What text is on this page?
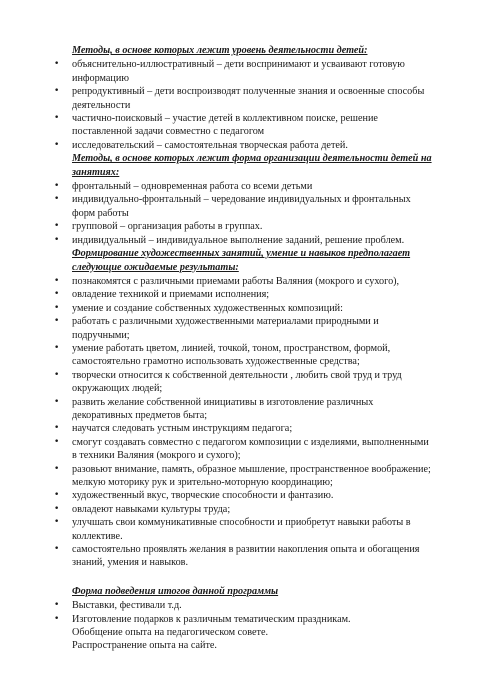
Методы, в основе которых лежит уровень деятельности детей:
• объяснительно-иллюстративный – дети воспринимают и усваивают готовую информацию
• репродуктивный – дети воспроизводят полученные знания и освоенные способы деятельности
• частично-поисковый – участие детей в коллективном поиске, решение поставленной задачи совместно с педагогом
• исследовательский – самостоятельная творческая работа детей.
Методы, в основе которых лежит форма организации деятельности детей на занятиях:
• фронтальный – одновременная работа со всеми детьми
• индивидуально-фронтальный – чередование индивидуальных и фронтальных форм работы
• групповой – организация работы в группах.
• индивидуальный – индивидуальное выполнение заданий, решение проблем.
Формирование художественных занятий, умение и навыков предполагает следующие ожидаемые результаты:
• познакомятся с различными приемами работы Валяния (мокрого и сухого),
• овладение техникой и приемами исполнения;
• умение и создание собственных художественных композиций:
• работать с различными художественными материалами природными и подручными;
• умение работать цветом, линией, точкой, тоном, пространством, формой, самостоятельно грамотно использовать художественные средства;
• творчески относится к собственной деятельности , любить свой труд и труд окружающих людей;
• развить желание собственной инициативы в изготовление различных декоративных предметов быта;
• научатся следовать устным инструкциям педагога;
• смогут создавать совместно с педагогом композиции с изделиями, выполненными в техники Валяния (мокрого и сухого);
• разовьют внимание, память, образное мышление, пространственное воображение; мелкую моторику рук и зрительно-моторную координацию;
• художественный вкус, творческие способности и фантазию.
• овладеют навыками культуры труда;
• улучшать свои коммуникативные способности и приобретут навыки работы в коллективе.
• самостоятельно проявлять желания в развитии накопления опыта и обогащения знаний, умения и навыков.
Форма подведения итогов данной программы
• Выставки, фестивали т.д.
• Изготовление подарков к различным тематическим праздникам.
Обобщение опыта на педагогическом совете.
Распространение опыта на сайте.
